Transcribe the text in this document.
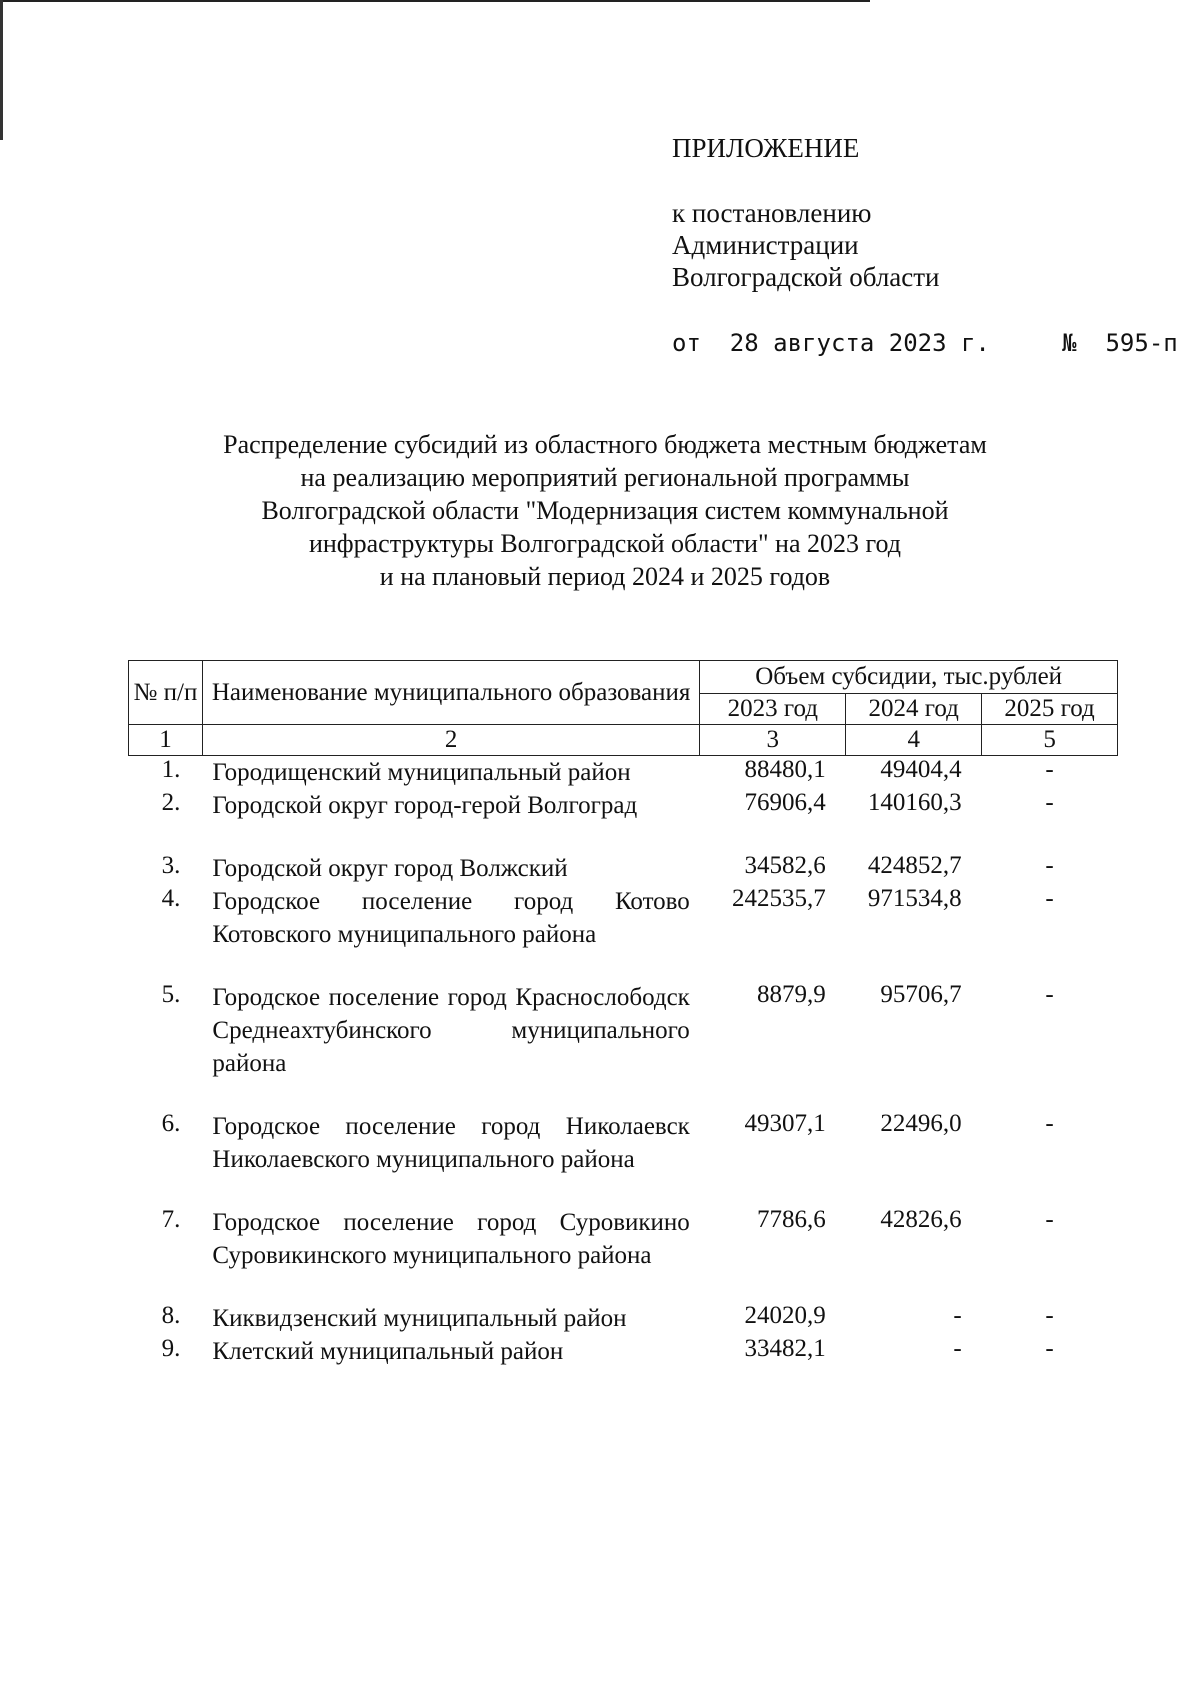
ПРИЛОЖЕНИЕ
к постановлению
Администрации
Волгоградской области
от  28 августа 2023 г.     №  595-п
Распределение субсидий из областного бюджета местным бюджетам
на реализацию мероприятий региональной программы
Волгоградской области "Модернизация систем коммунальной
инфраструктуры Волгоградской области" на 2023 год
и на плановый период 2024 и 2025 годов
№ п/п	Наименование муниципального образования	Объем субсидии, тыс.рублей		
		2023 год	2024 год	2025 год
1	2	3	4	5
1.	Городищенский муниципальный район	88480,1	49404,4	-
2.	Городской округ город-герой Волгоград	76906,4	140160,3	-
3.	Городской округ город Волжский	34582,6	424852,7	-
4.	Городское поселение город Котово Котовского муниципального района	242535,7	971534,8	-
5.	Городское поселение город Краснослободск Среднеахтубинского муниципального района	8879,9	95706,7	-
6.	Городское поселение город Николаевск Николаевского муниципального района	49307,1	22496,0	-
7.	Городское поселение город Суровикино Суровикинского муниципального района	7786,6	42826,6	-
8.	Киквидзенский муниципальный район	24020,9	-	-
9.	Клетский муниципальный район	33482,1	-	-
